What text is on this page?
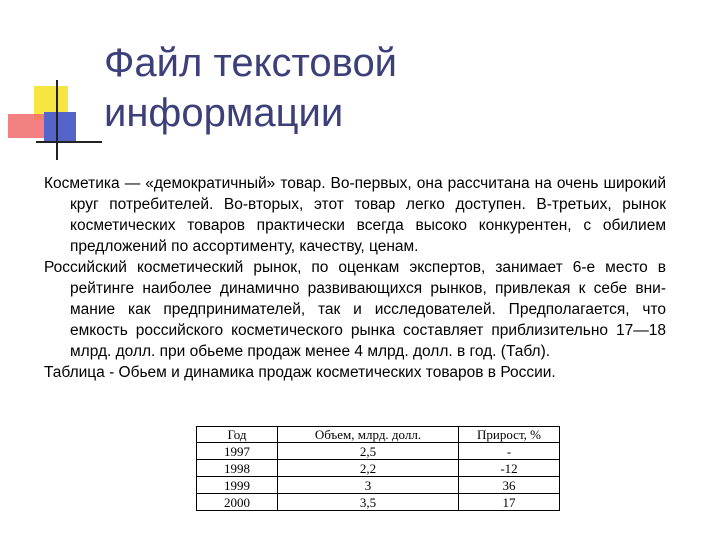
Файл текстовой
информации

Косметика — «демократичный» товар. Во-первых, она рассчитана на очень широкий круг потребителей. Во-вторых, этот товар легко доступен. В-третьих, рынок косметических товаров практически всегда высоко конкурентен, с обилием предложений по ассортименту, качеству, ценам.

Российский косметический рынок, по оценкам экспертов, занимает 6-е место в рейтинге наиболее динамично развивающихся рынков, привлекая к себе вни-мание как предпринимателей, так и исследователей. Предполагается, что емкость российского косметического рынка составляет приблизительно 17—18 млрд. долл. при обьеме продаж менее 4 млрд. долл. в год. (Табл).

Таблица - Обьем и динамика продаж косметических товаров в России.

Год	Объем, млрд. долл.	Прирост, %
1997	2,5	-
1998	2,2	-12
1999	3	36
2000	3,5	17
